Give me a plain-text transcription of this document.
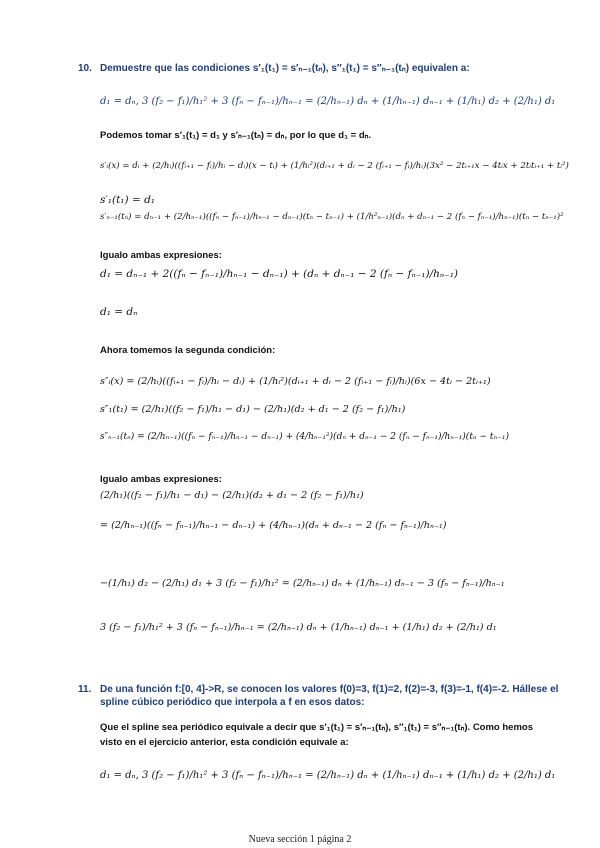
10. Demuestre que las condiciones s′₁(t₁) = s′ₙ₋₁(tₙ), s″₁(t₁) = s″ₙ₋₁(tₙ) equivalen a:
d₁ = dₙ, 3 (f₂ − f₁)/h₁² + 3 (fₙ − fₙ₋₁)/hₙ₋₁ = (2/hₙ₋₁) dₙ + (1/hₙ₋₁) dₙ₋₁ + (1/h₁) d₂ + (2/h₁) d₁
Podemos tomar s′₁(t₁) = d₁ y s′ₙ₋₁(tₙ) = dₙ, por lo que d₁ = dₙ.
s′ᵢ(x) = dᵢ + (2/hᵢ)((fᵢ₊₁ − fᵢ)/hᵢ − dᵢ)(x − tᵢ) + (1/hᵢ²)(dᵢ₊₁ + dᵢ − 2 (fᵢ₊₁ − fᵢ)/hᵢ)(3x² − 2tᵢ₊₁x − 4tᵢx + 2tᵢtᵢ₊₁ + tᵢ²)
s′₁(t₁) = d₁
s′ₙ₋₁(tₙ) = dₙ₋₁ + (2/hₙ₋₁)((fₙ − fₙ₋₁)/hₙ₋₁ − dₙ₋₁)(tₙ − tₙ₋₁) + (1/h²ₙ₋₁)(dₙ + dₙ₋₁ − 2 (fₙ − fₙ₋₁)/hₙ₋₁)(tₙ − tₙ₋₁)²
Igualo ambas expresiones:
d₁ = dₙ₋₁ + 2((fₙ − fₙ₋₁)/hₙ₋₁ − dₙ₋₁) + (dₙ + dₙ₋₁ − 2 (fₙ − fₙ₋₁)/hₙ₋₁)
d₁ = dₙ
Ahora tomemos la segunda condición:
s″ᵢ(x) = (2/hᵢ)((fᵢ₊₁ − fᵢ)/hᵢ − dᵢ) + (1/hᵢ²)(dᵢ₊₁ + dᵢ − 2 (fᵢ₊₁ − fᵢ)/hᵢ)(6x − 4tᵢ − 2tᵢ₊₁)
s″₁(t₁) = (2/h₁)((f₂ − f₁)/h₁ − d₁) − (2/h₁)(d₂ + d₁ − 2 (f₂ − f₁)/h₁)
s″ₙ₋₁(tₙ) = (2/hₙ₋₁)((fₙ − fₙ₋₁)/hₙ₋₁ − dₙ₋₁) + (4/hₙ₋₁²)(dₙ + dₙ₋₁ − 2 (fₙ − fₙ₋₁)/hₙ₋₁)(tₙ − tₙ₋₁)
Igualo ambas expresiones:
(2/h₁)((f₂ − f₁)/h₁ − d₁) − (2/h₁)(d₂ + d₁ − 2 (f₂ − f₁)/h₁)
= (2/hₙ₋₁)((fₙ − fₙ₋₁)/hₙ₋₁ − dₙ₋₁) + (4/hₙ₋₁)(dₙ + dₙ₋₁ − 2 (fₙ − fₙ₋₁)/hₙ₋₁)
−(1/h₁) d₂ − (2/h₁) d₁ + 3 (f₂ − f₁)/h₁² = (2/hₙ₋₁) dₙ + (1/hₙ₋₁) dₙ₋₁ − 3 (fₙ − fₙ₋₁)/hₙ₋₁
3 (f₂ − f₁)/h₁² + 3 (fₙ − fₙ₋₁)/hₙ₋₁ = (2/hₙ₋₁) dₙ + (1/hₙ₋₁) dₙ₋₁ + (1/h₁) d₂ + (2/h₁) d₁
11. De una función f:[0, 4]->R, se conocen los valores f(0)=3, f(1)=2, f(2)=-3, f(3)=-1, f(4)=-2. Hállese el
spline cúbico periódico que interpola a f en esos datos:
Que el spline sea periódico equivale a decir que s′₁(t₁) = s′ₙ₋₁(tₙ), s″₁(t₁) = s″ₙ₋₁(tₙ). Como hemos
visto en el ejercicio anterior, esta condición equivale a:
d₁ = dₙ, 3 (f₂ − f₁)/h₁² + 3 (fₙ − fₙ₋₁)/hₙ₋₁ = (2/hₙ₋₁) dₙ + (1/hₙ₋₁) dₙ₋₁ + (1/h₁) d₂ + (2/h₁) d₁
Nueva sección 1 página 2
